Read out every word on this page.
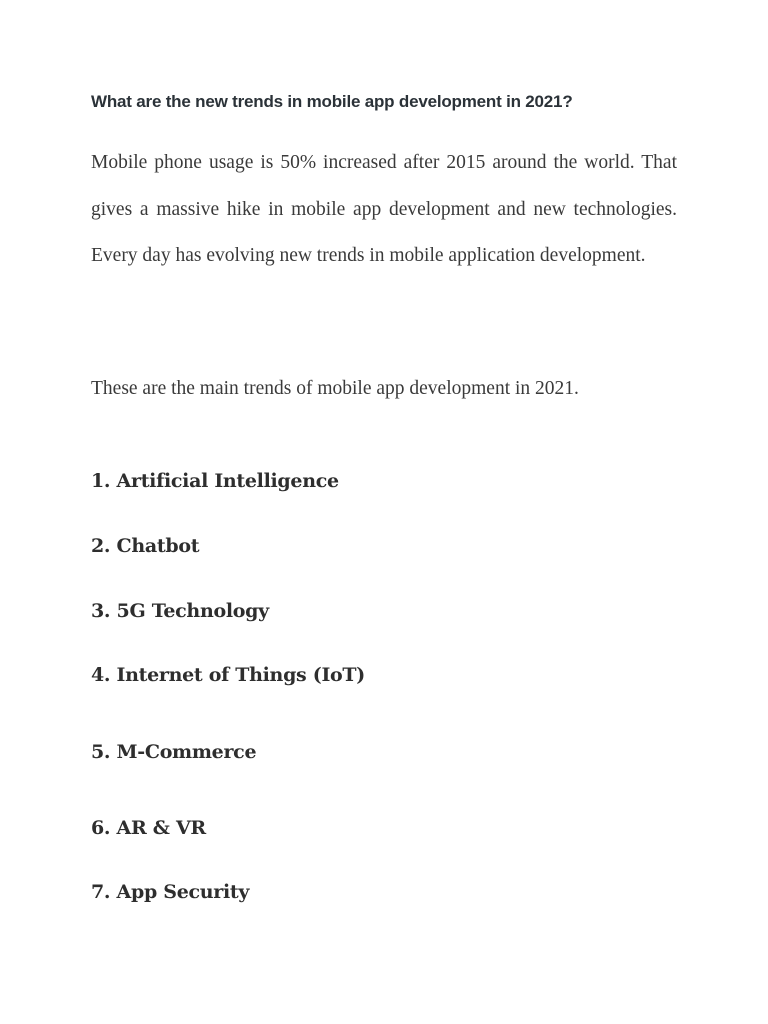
What are the new trends in mobile app development in 2021?

Mobile phone usage is 50% increased after 2015 around the world. That gives a massive hike in mobile app development and new technologies. Every day has evolving new trends in mobile application development.

These are the main trends of mobile app development in 2021.

1. Artificial Intelligence

2. Chatbot

3. 5G Technology

4. Internet of Things (IoT)

5. M-Commerce

6. AR & VR

7. App Security
